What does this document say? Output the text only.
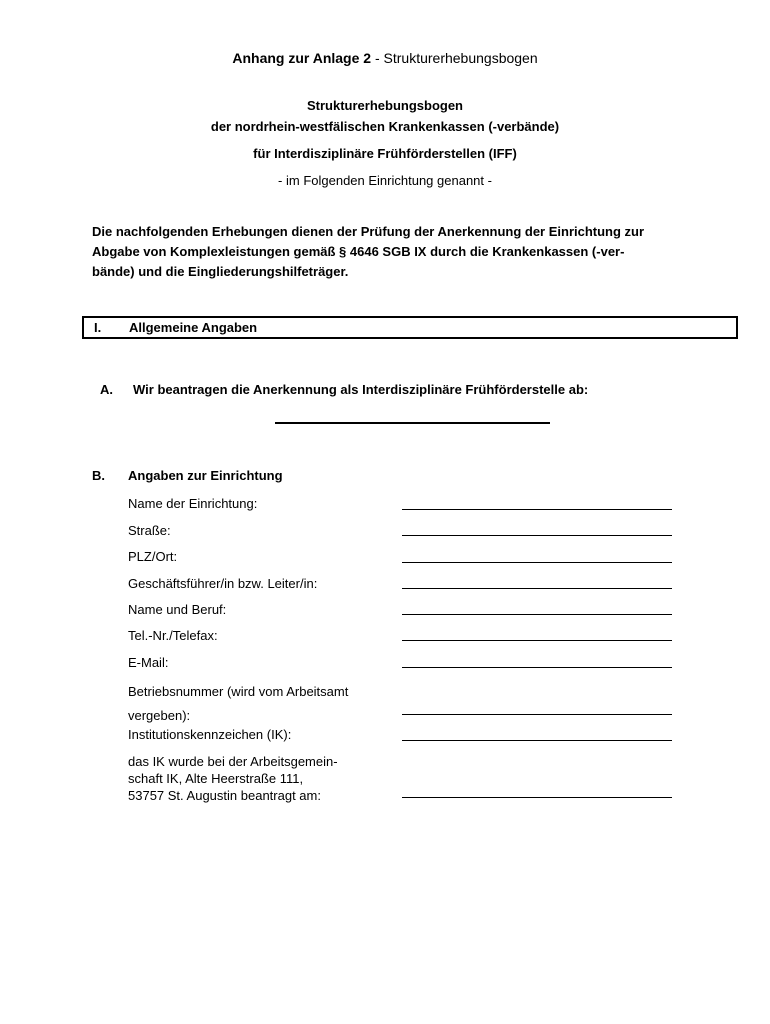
Anhang zur Anlage 2 - Strukturerhebungsbogen
Strukturerhebungsbogen
der nordrhein-westfälischen Krankenkassen (-verbände)
für Interdisziplinäre Frühförderstellen (IFF)
- im Folgenden Einrichtung genannt -
Die nachfolgenden Erhebungen dienen der Prüfung der Anerkennung der Einrichtung zur
Abgabe von Komplexleistungen gemäß § 4646 SGB IX durch die Krankenkassen (-ver-
bände) und die Eingliederungshilfeträger.
I. Allgemeine Angaben
A. Wir beantragen die Anerkennung als Interdisziplinäre Frühförderstelle ab:
B. Angaben zur Einrichtung
Name der Einrichtung:
Straße:
PLZ/Ort:
Geschäftsführer/in bzw. Leiter/in:
Name und Beruf:
Tel.-Nr./Telefax:
E-Mail:
Betriebsnummer (wird vom Arbeitsamt
vergeben):
Institutionskennzeichen (IK):
das IK wurde bei der Arbeitsgemein-
schaft IK, Alte Heerstraße 111,
53757 St. Augustin beantragt am:
